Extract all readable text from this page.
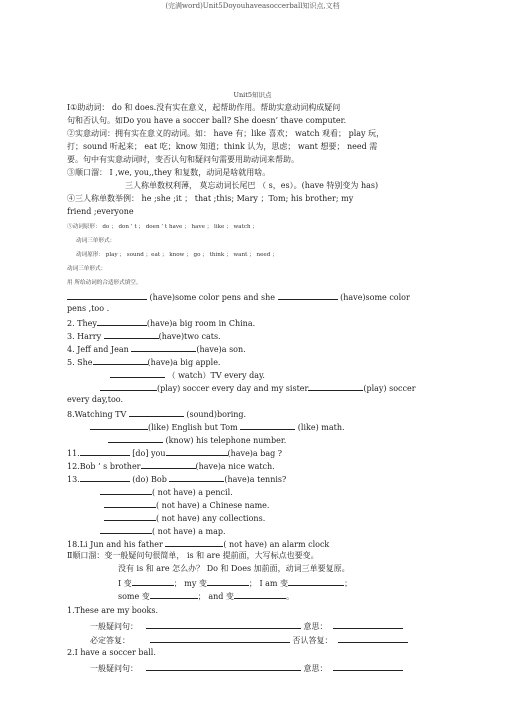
(完满word)Unit5Doyouhaveasoccerball知识点,文档
Unit5知识点
Ⅰ①助动词： do 和 does.没有实在意义，起帮助作用。帮助实意动词构成疑问
句和否认句。如Do you have a soccer ball? She doesn’ thave computer.
②实意动词：拥有实在意义的动词。如： have 有；like 喜欢； watch 观看； play 玩，
打；sound 听起来； eat 吃；know 知道；think 认为，思虑； want 想要； need 需
要。句中有实意动词时，变否认句和疑问句需要用助动词来帮助。
③顺口溜： I ,we, you,,they 和复数，动词是啥就用啥。
三人称单数权利薄， 莫忘动词长尾巴 （ s，es）。(have 特别变为 has)
④三人称单数举例： he ;she ;it ； that ;this; Mary ；Tom; his brother; my
friend ;everyone
⑤动词原形： do ； don ’ t ； doen ’ t have ； have ； like ； watch ；
动词三单形式：
动词原形： play ； sound ；eat ； know ； go ； think ； want ； need ；
动词三单形式：
用 所给动词的合适形式填空。
(have)some color pens and she	(have)some color
pens ,too .
2. They	(have)a big room in China.
3. Harry	(have)two cats.
4. Jeff and Jean	(have)a son.
5. She	(have)a big apple.
（ watch）TV every day.
(play) soccer every day and my sister	(play) soccer
every day,too.
8.Watching TV	(sound)boring.
(like) English but Tom	(like) math.
(know) his telephone number.
11.	[do] you	(have)a bag ?
12.Bob ’ s brother	(have)a nice watch.
13.	(do) Bob	(have)a tennis?
( not have) a pencil.
( not have) a Chinese name.
( not have) any collections.
( not have) a map.
18.Li Jun and his father	( not have) an alarm clock
Ⅱ顺口溜：变一般疑问句很简单， is 和 are 提前面，大写标点也要变。
没有 is 和 are 怎么办？ Do 和 Does 加前面，动词三单要复原。
I 变	； my 变	； I am 变	；
some 变	； and 变	。
1.These are my books.
一般疑问句：	意思：
必定答复：	否认答复：
2.I have a soccer ball.
一般疑问句：	意思：
